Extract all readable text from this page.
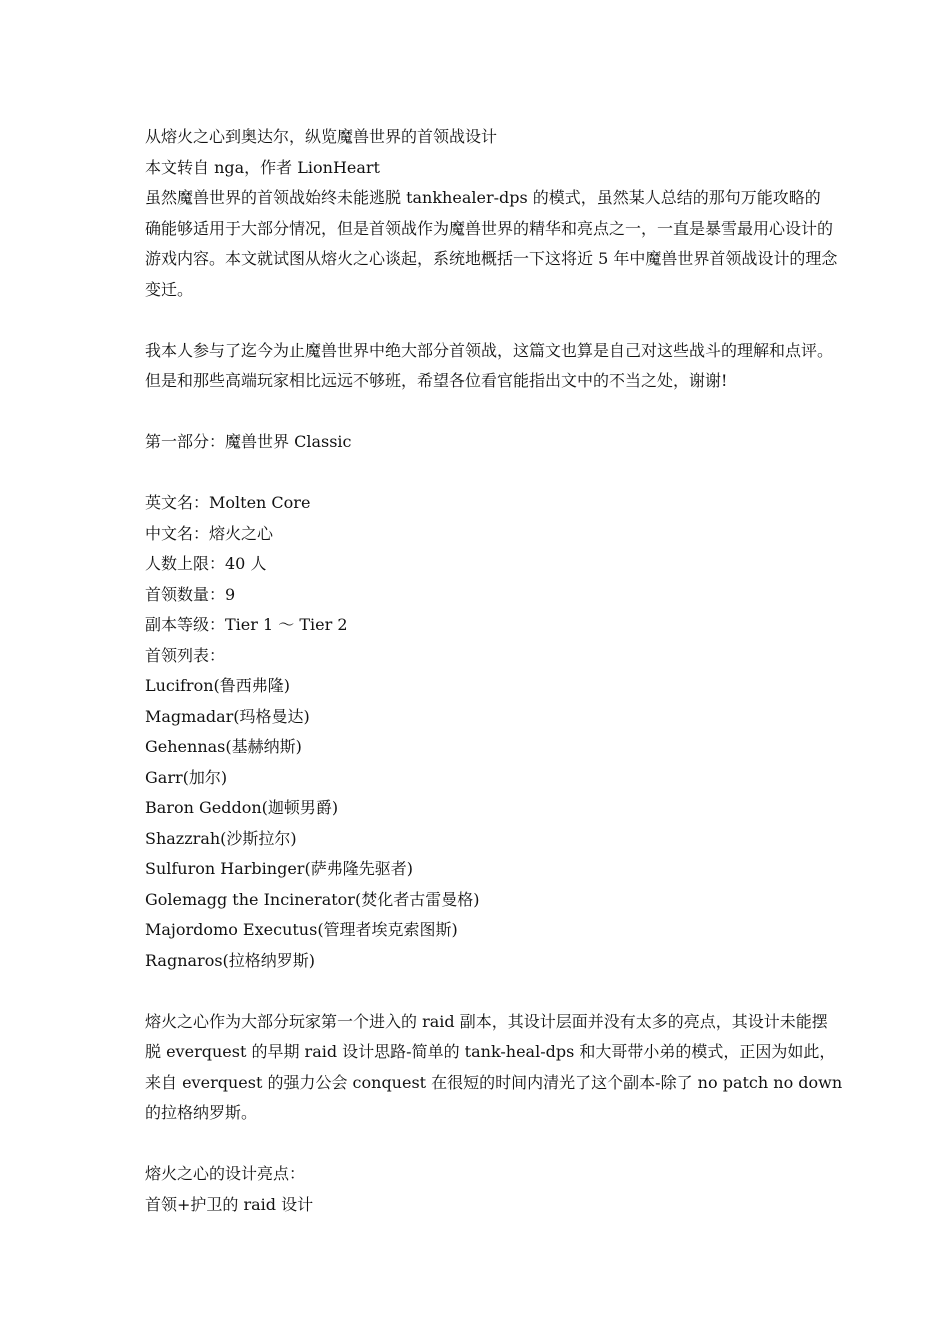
从熔火之心到奥达尔，纵览魔兽世界的首领战设计
本文转自 nga，作者 LionHeart
虽然魔兽世界的首领战始终未能逃脱 tankhealer-dps 的模式，虽然某人总结的那句万能攻略的
确能够适用于大部分情况，但是首领战作为魔兽世界的精华和亮点之一，一直是暴雪最用心设计的
游戏内容。本文就试图从熔火之心谈起，系统地概括一下这将近 5 年中魔兽世界首领战设计的理念
变迁。
我本人参与了迄今为止魔兽世界中绝大部分首领战，这篇文也算是自己对这些战斗的理解和点评。
但是和那些高端玩家相比远远不够班，希望各位看官能指出文中的不当之处，谢谢!
第一部分：魔兽世界 Classic
英文名：Molten Core
中文名：熔火之心
人数上限：40 人
首领数量：9
副本等级：Tier 1 ～ Tier 2
首领列表：
Lucifron(鲁西弗隆)
Magmadar(玛格曼达)
Gehennas(基赫纳斯)
Garr(加尔)
Baron Geddon(迦顿男爵)
Shazzrah(沙斯拉尔)
Sulfuron Harbinger(萨弗隆先驱者)
Golemagg the Incinerator(焚化者古雷曼格)
Majordomo Executus(管理者埃克索图斯)
Ragnaros(拉格纳罗斯)
熔火之心作为大部分玩家第一个进入的 raid 副本，其设计层面并没有太多的亮点，其设计未能摆
脱 everquest 的早期 raid 设计思路-简单的 tank-heal-dps 和大哥带小弟的模式，正因为如此，
来自 everquest 的强力公会 conquest 在很短的时间内清光了这个副本-除了 no patch no down
的拉格纳罗斯。
熔火之心的设计亮点：
首领+护卫的 raid 设计
